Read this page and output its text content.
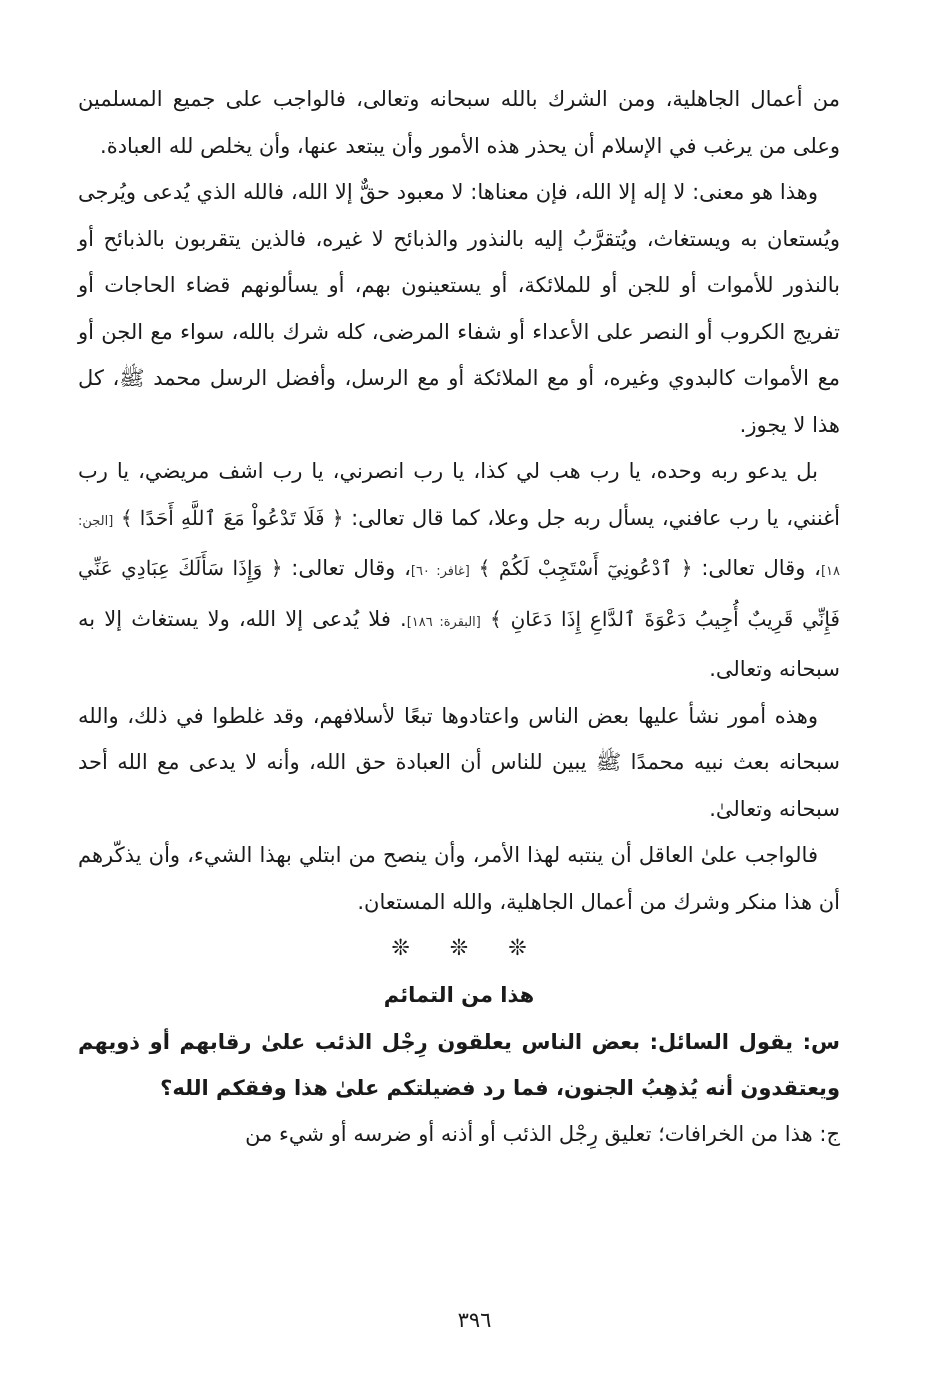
من أعمال الجاهلية، ومن الشرك بالله سبحانه وتعالى، فالواجب على جميع المسلمين وعلى من يرغب في الإسلام أن يحذر هذه الأمور وأن يبتعد عنها، وأن يخلص لله العبادة.

وهذا هو معنى: لا إله إلا الله، فإن معناها: لا معبود حقٌّ إلا الله، فالله الذي يُدعى ويُرجى ويُستعان به ويستغاث، ويُتقرَّبُ إليه بالنذور والذبائح لا غيره، فالذين يتقربون بالذبائح أو بالنذور للأموات أو للجن أو للملائكة، أو يستعينون بهم، أو يسألونهم قضاء الحاجات أو تفريج الكروب أو النصر على الأعداء أو شفاء المرضى، كله شرك بالله، سواء مع الجن أو مع الأموات كالبدوي وغيره، أو مع الملائكة أو مع الرسل، وأفضل الرسل محمد ﷺ، كل هذا لا يجوز.

بل يدعو ربه وحده، يا رب هب لي كذا، يا رب انصرني، يا رب اشف مريضي، يا رب أغنني، يا رب عافني، يسأل ربه جل وعلا، كما قال تعالى: ﴿ فَلَا تَدْعُواْ مَعَ ٱللَّهِ أَحَدًا ﴾ [الجن: ١٨]، وقال تعالى: ﴿ ٱدْعُونِيٓ أَسْتَجِبْ لَكُمْ ﴾ [غافر: ٦٠]، وقال تعالى: ﴿ وَإِذَا سَأَلَكَ عِبَادِي عَنِّي فَإِنِّي قَرِيبٌ أُجِيبُ دَعْوَةَ ٱلدَّاعِ إِذَا دَعَانِ ﴾ [البقرة: ١٨٦]. فلا يُدعى إلا الله، ولا يستغاث إلا به سبحانه وتعالى.

وهذه أمور نشأ عليها بعض الناس واعتادوها تبعًا لأسلافهم، وقد غلطوا في ذلك، والله سبحانه بعث نبيه محمدًا ﷺ يبين للناس أن العبادة حق الله، وأنه لا يدعى مع الله أحد سبحانه وتعالىٰ.

فالواجب علىٰ العاقل أن ينتبه لهذا الأمر، وأن ينصح من ابتلي بهذا الشيء، وأن يذكّرهم أن هذا منكر وشرك من أعمال الجاهلية، والله المستعان.

❊❊❊

هذا من التمائم

س: يقول السائل: بعض الناس يعلقون رِجْل الذئب علىٰ رقابهم أو ذويهم ويعتقدون أنه يُذهِبُ الجنون، فما رد فضيلتكم علىٰ هذا وفقكم الله؟

ج: هذا من الخرافات؛ تعليق رِجْل الذئب أو أذنه أو ضرسه أو شيء من

٣٩٦
